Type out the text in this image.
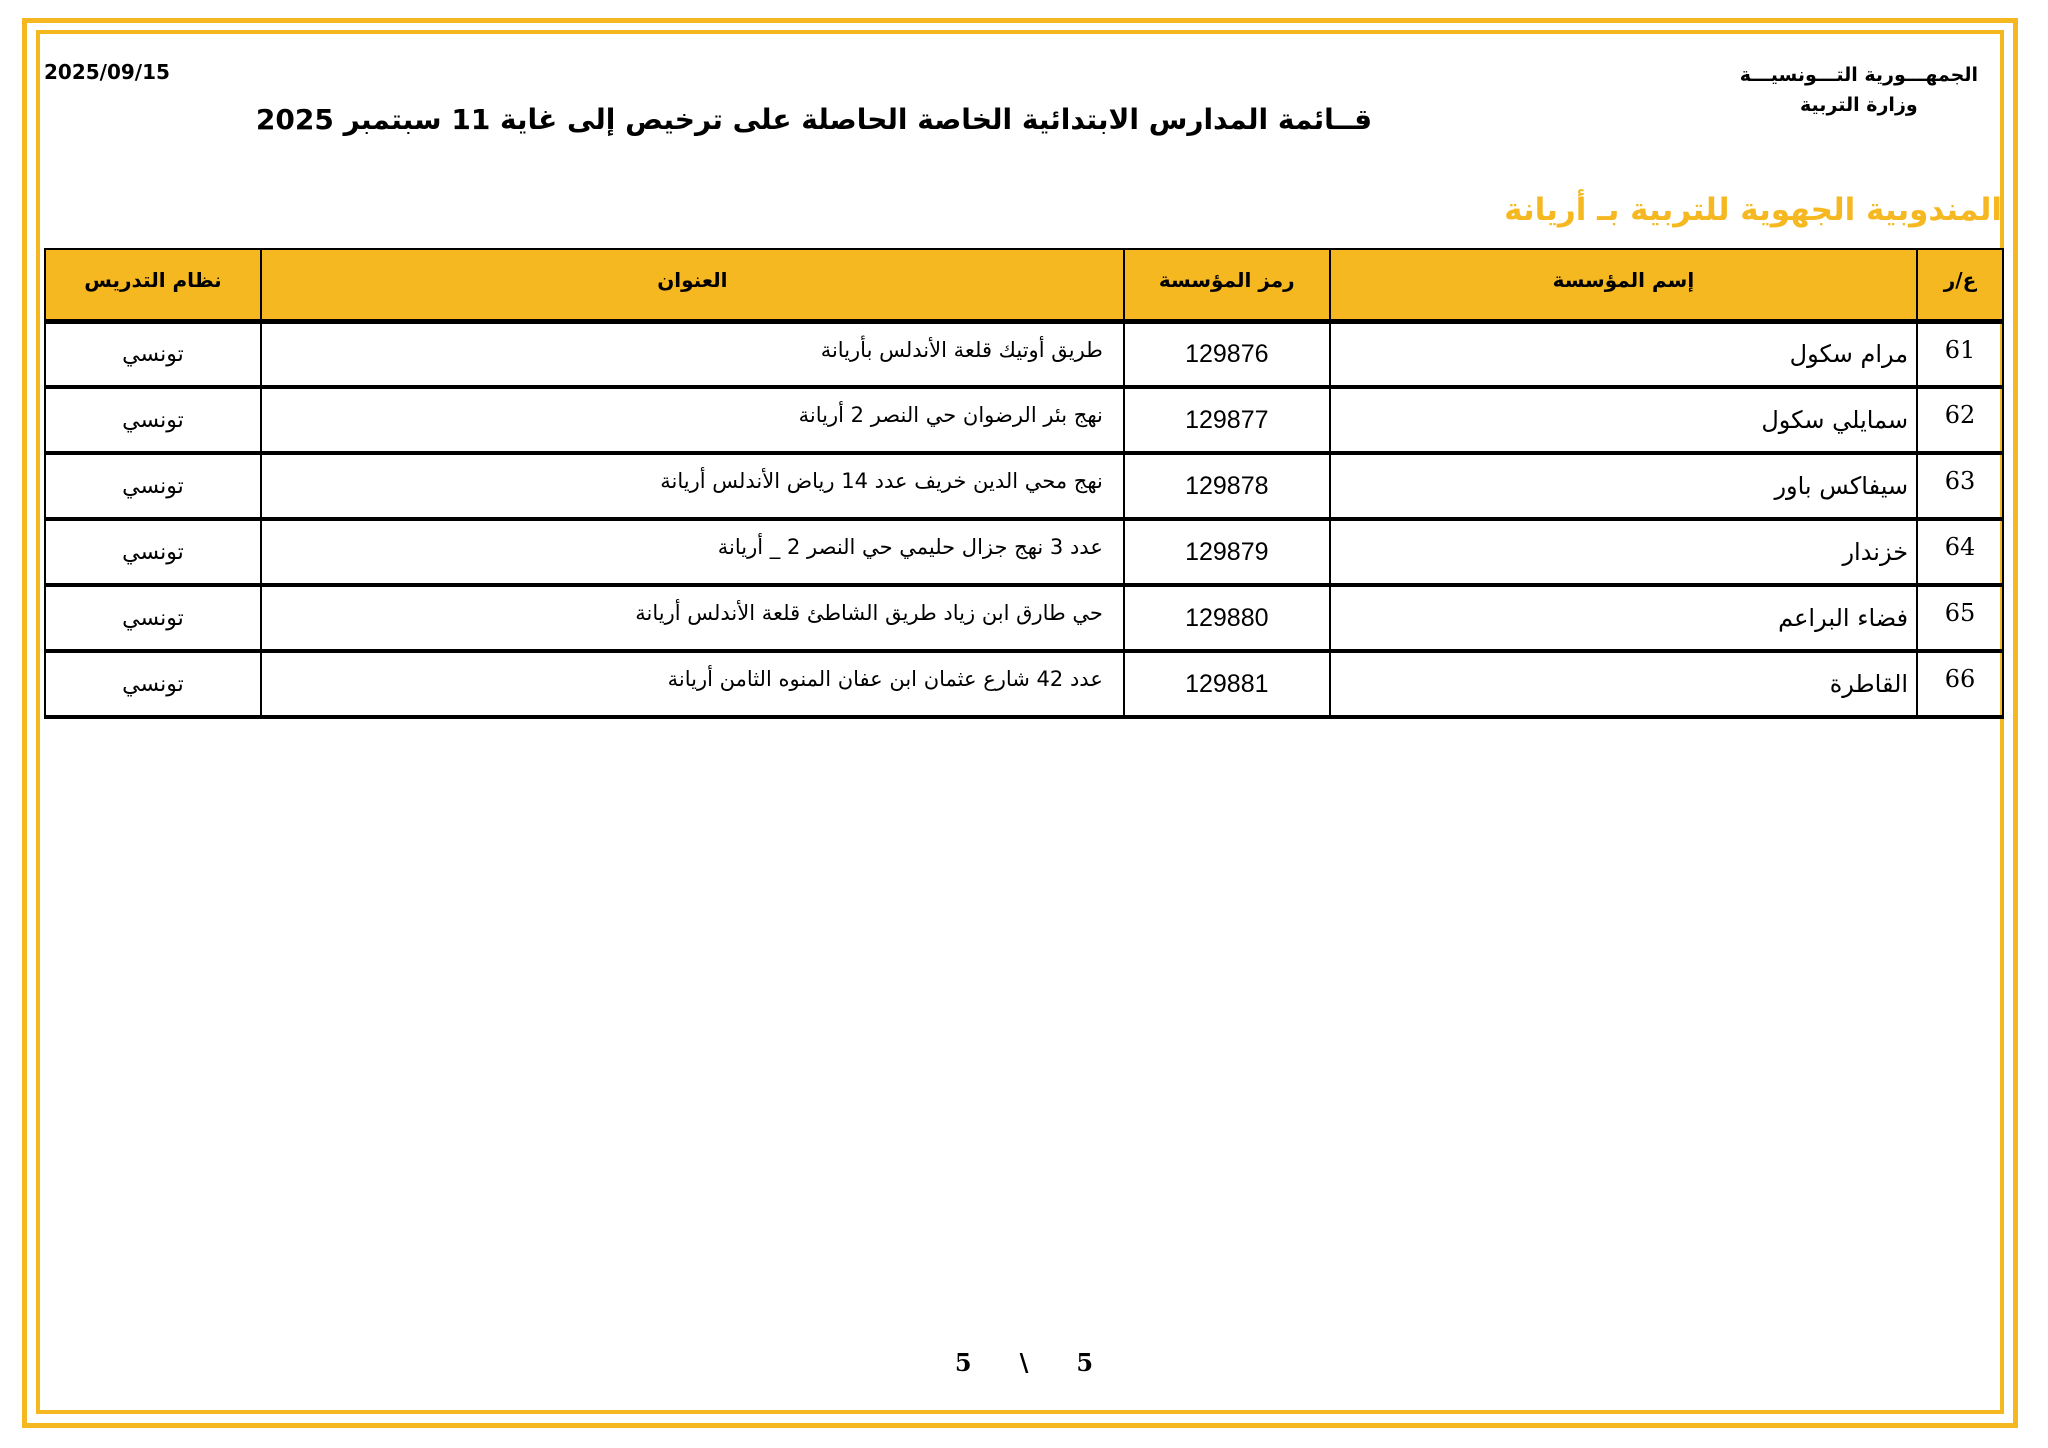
الجمهـــورية التـــونسيـــة
وزارة التربية
2025/09/15
قــائمة المدارس الابتدائية الخاصة الحاصلة على ترخيص إلى غاية 11 سبتمبر 2025
المندوبية الجهوية للتربية بـ أريانة
ع/ر	إسم المؤسسة	رمز المؤسسة	العنوان	نظام التدريس
61	مرام سكول	129876	طريق أوتيك قلعة الأندلس بأريانة	تونسي
62	سمايلي سكول	129877	نهج بئر الرضوان حي النصر 2 أريانة	تونسي
63	سيفاكس باور	129878	نهج محي الدين خريف عدد 14 رياض الأندلس أريانة	تونسي
64	خزندار	129879	عدد 3 نهج جزال حليمي حي النصر 2 _ أريانة	تونسي
65	فضاء البراعم	129880	حي طارق ابن زياد طريق الشاطئ قلعة الأندلس أريانة	تونسي
66	القاطرة	129881	عدد 42 شارع عثمان ابن عفان المنوه الثامن أريانة	تونسي
5 \ 5
